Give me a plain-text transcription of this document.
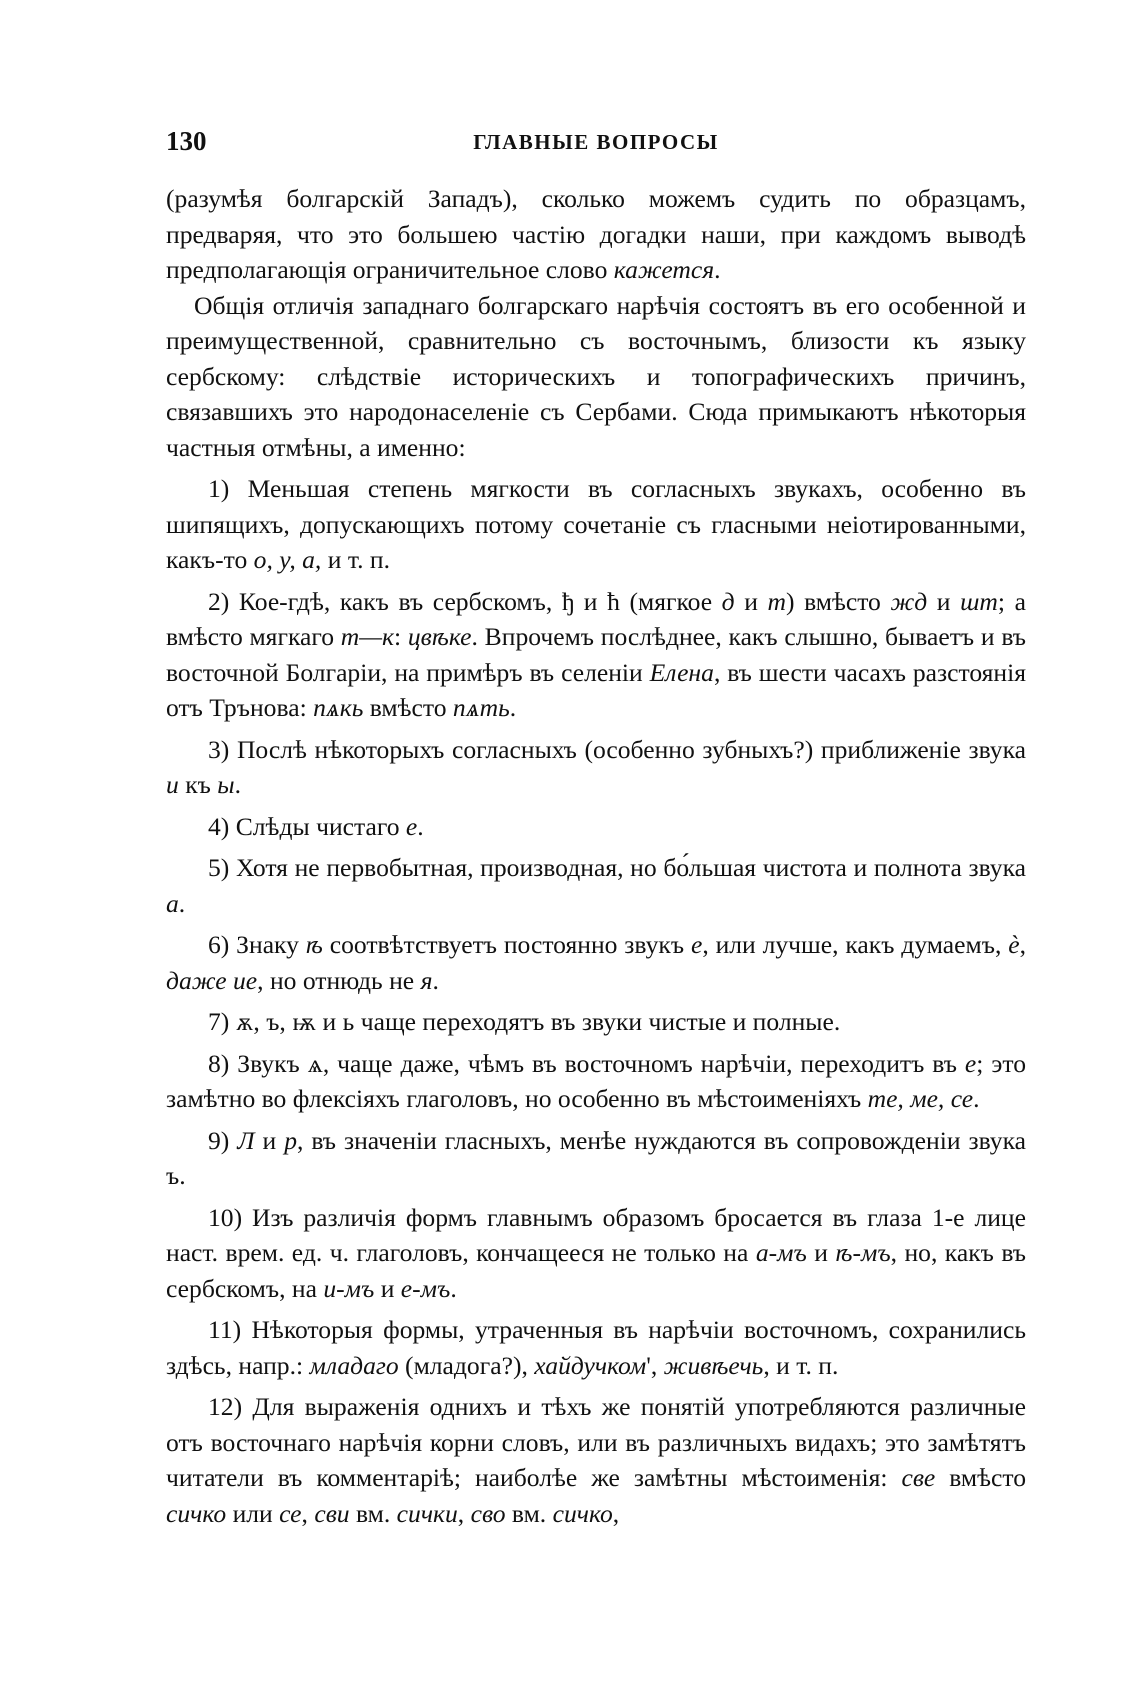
130	ГЛАВНЫЕ ВОПРОСЫ

(разумѣя болгарскій Западъ), сколько можемъ судить по образцамъ, предваряя, что это большею частію догадки наши, при каждомъ выводѣ предполагающія ограничительное слово кажется.

Общія отличія западнаго болгарскаго нарѣчія состоятъ въ его особенной и преимущественной, сравнительно съ восточнымъ, близости къ языку сербскому: слѣдствіе историческихъ и топографическихъ причинъ, связавшихъ это народонаселеніе съ Сербами. Сюда примыкаютъ нѣкоторыя частныя отмѣны, а именно:

1) Меньшая степень мягкости въ согласныхъ звукахъ, особенно въ шипящихъ, допускающихъ потому сочетаніе съ гласными неіотированными, какъ-то о, у, а, и т. п.

2) Кое-гдѣ, какъ въ сербскомъ, ђ и ћ (мягкое д и т) вмѣсто жд и шт; а вмѣсто мягкаго т—к: цвѣке. Впрочемъ послѣднее, какъ слышно, бываетъ и въ восточной Болгаріи, на примѣръ въ селеніи Елена, въ шести часахъ разстоянія отъ Трънова: пѧкь вмѣсто пѧть.

3) Послѣ нѣкоторыхъ согласныхъ (особенно зубныхъ?) приближеніе звука и къ ы.

4) Слѣды чистаго е.

5) Хотя не первобытная, производная, но бо́льшая чистота и полнота звука а.

6) Знаку ѣ соотвѣтствуетъ постоянно звукъ е, или лучше, какъ думаемъ, ѐ, даже ие, но отнюдь не я.

7) ѫ, ъ, ѭ и ь чаще переходятъ въ звуки чистые и полные.

8) Звукъ ѧ, чаще даже, чѣмъ въ восточномъ нарѣчіи, переходитъ въ е; это замѣтно во флексіяхъ глаголовъ, но особенно въ мѣстоименіяхъ те, ме, се.

9) Л и р, въ значеніи гласныхъ, менѣе нуждаются въ сопровожденіи звука ъ.

10) Изъ различія формъ главнымъ образомъ бросается въ глаза 1-е лице наст. врем. ед. ч. глаголовъ, кончащееся не только на а-мъ и ѣ-мъ, но, какъ въ сербскомъ, на и-мъ и е-мъ.

11) Нѣкоторыя формы, утраченныя въ нарѣчіи восточномъ, сохранились здѣсь, напр.: младаго (младога?), хайдучком', живѣечь, и т. п.

12) Для выраженія однихъ и тѣхъ же понятій употребляются различные отъ восточнаго нарѣчія корни словъ, или въ различныхъ видахъ; это замѣтятъ читатели въ комментаріѣ; наиболѣе же замѣтны мѣстоименія: све вмѣсто сичко или се, сви вм. сички, сво вм. сичко,
